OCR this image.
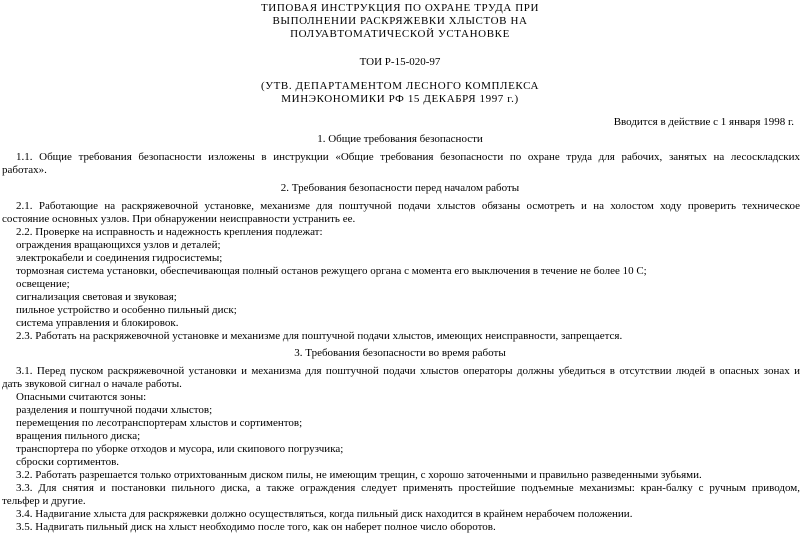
ТИПОВАЯ ИНСТРУКЦИЯ ПО ОХРАНЕ ТРУДА ПРИ
ВЫПОЛНЕНИИ РАСКРЯЖЕВКИ ХЛЫСТОВ НА
ПОЛУАВТОМАТИЧЕСКОЙ УСТАНОВКЕ
ТОИ Р-15-020-97
(УТВ. ДЕПАРТАМЕНТОМ ЛЕСНОГО КОМПЛЕКСА
МИНЭКОНОМИКИ РФ 15 ДЕКАБРЯ 1997 г.)
Вводится в действие с 1 января 1998 г.
1. Общие требования безопасности
1.1. Общие требования безопасности изложены в инструкции «Общие требования безопасности по охране труда для рабочих, занятых на лесоскладских
работах».
2. Требования безопасности перед началом работы
2.1. Работающие на раскряжевочной установке, механизме для поштучной подачи хлыстов обязаны осмотреть и на холостом ходу проверить техническое
состояние основных узлов. При обнаружении неисправности устранить ее.
2.2. Проверке на исправность и надежность крепления подлежат:
ограждения вращающихся узлов и деталей;
электрокабели и соединения гидросистемы;
тормозная система установки, обеспечивающая полный останов режущего органа с момента его выключения в течение не более 10 С;
освещение;
сигнализация световая и звуковая;
пильное устройство и особенно пильный диск;
система управления и блокировок.
2.3. Работать на раскряжевочной установке и механизме для поштучной подачи хлыстов, имеющих неисправности, запрещается.
3. Требования безопасности во время работы
3.1. Перед пуском раскряжевочной установки и механизма для поштучной подачи хлыстов операторы должны убедиться в отсутствии людей в опасных зонах и
дать звуковой сигнал о начале работы.
Опасными считаются зоны:
разделения и поштучной подачи хлыстов;
перемещения по лесотранспортерам хлыстов и сортиментов;
вращения пильного диска;
транспортера по уборке отходов и мусора, или скипового погрузчика;
сброски сортиментов.
3.2. Работать разрешается только отрихтованным диском пилы, не имеющим трещин, с хорошо заточенными и правильно разведенными зубьями.
3.3. Для снятия и постановки пильного диска, а также ограждения следует применять простейшие подъемные механизмы: кран-балку с ручным приводом,
тельфер и другие.
3.4. Надвигание хлыста для раскряжевки должно осуществляться, когда пильный диск находится в крайнем нерабочем положении.
3.5. Надвигать пильный диск на хлыст необходимо после того, как он наберет полное число оборотов.
